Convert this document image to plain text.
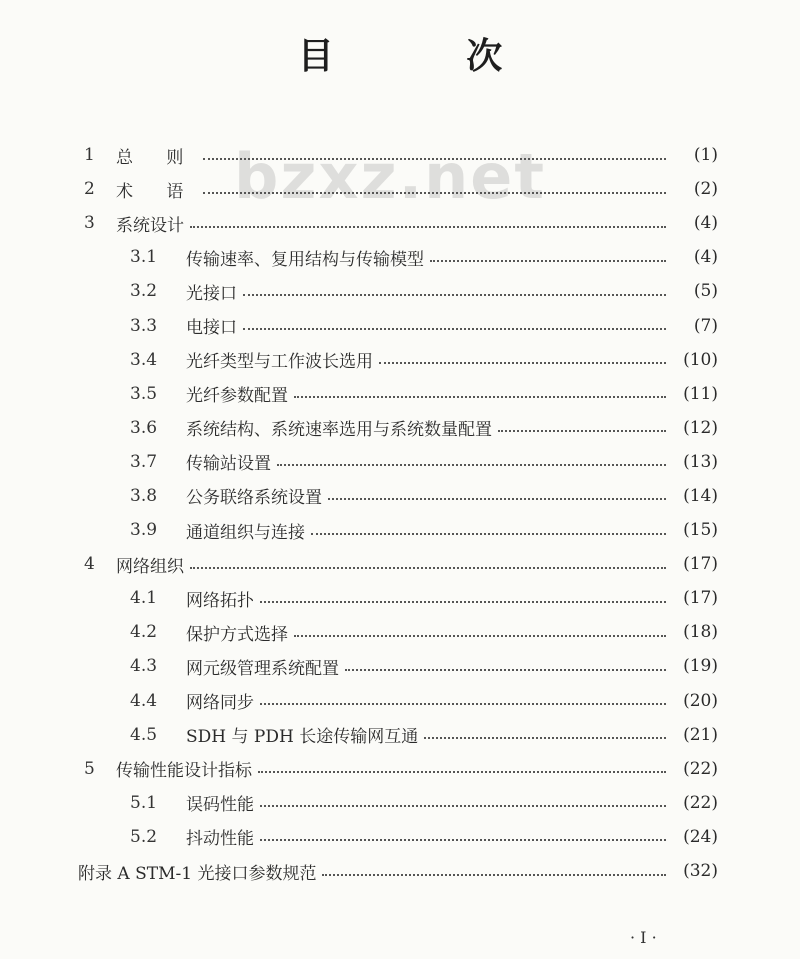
目 次
bzxz.net
1	总 则	(1)
2	术 语	(2)
3	系统设计	(4)
3.1	传输速率、复用结构与传输模型	(4)
3.2	光接口	(5)
3.3	电接口	(7)
3.4	光纤类型与工作波长选用	(10)
3.5	光纤参数配置	(11)
3.6	系统结构、系统速率选用与系统数量配置	(12)
3.7	传输站设置	(13)
3.8	公务联络系统设置	(14)
3.9	通道组织与连接	(15)
4	网络组织	(17)
4.1	网络拓扑	(17)
4.2	保护方式选择	(18)
4.3	网元级管理系统配置	(19)
4.4	网络同步	(20)
4.5	SDH 与 PDH 长途传输网互通	(21)
5	传输性能设计指标	(22)
5.1	误码性能	(22)
5.2	抖动性能	(24)
附录 A STM-1 光接口参数规范	(32)
· I ·
